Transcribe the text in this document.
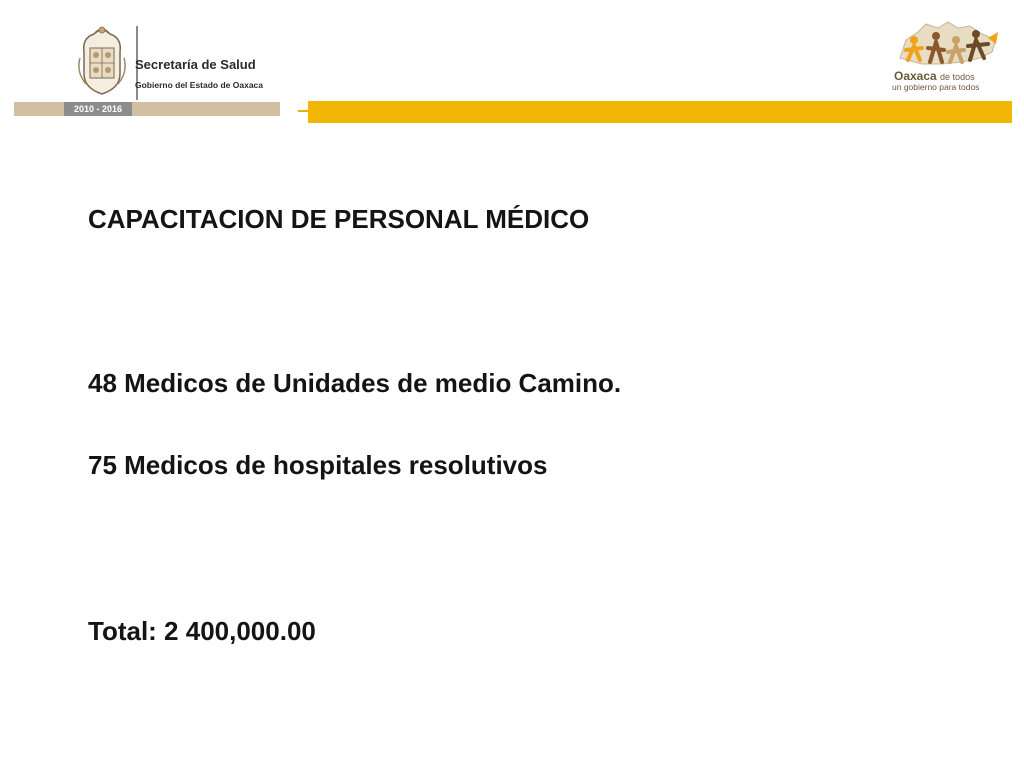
Secretaría de Salud
Gobierno del Estado de Oaxaca
2010 - 2016
Oaxaca de todos
un gobierno para todos
CAPACITACION DE PERSONAL MÉDICO
48 Medicos de Unidades de medio Camino.
75 Medicos de hospitales resolutivos
Total: 2 400,000.00
